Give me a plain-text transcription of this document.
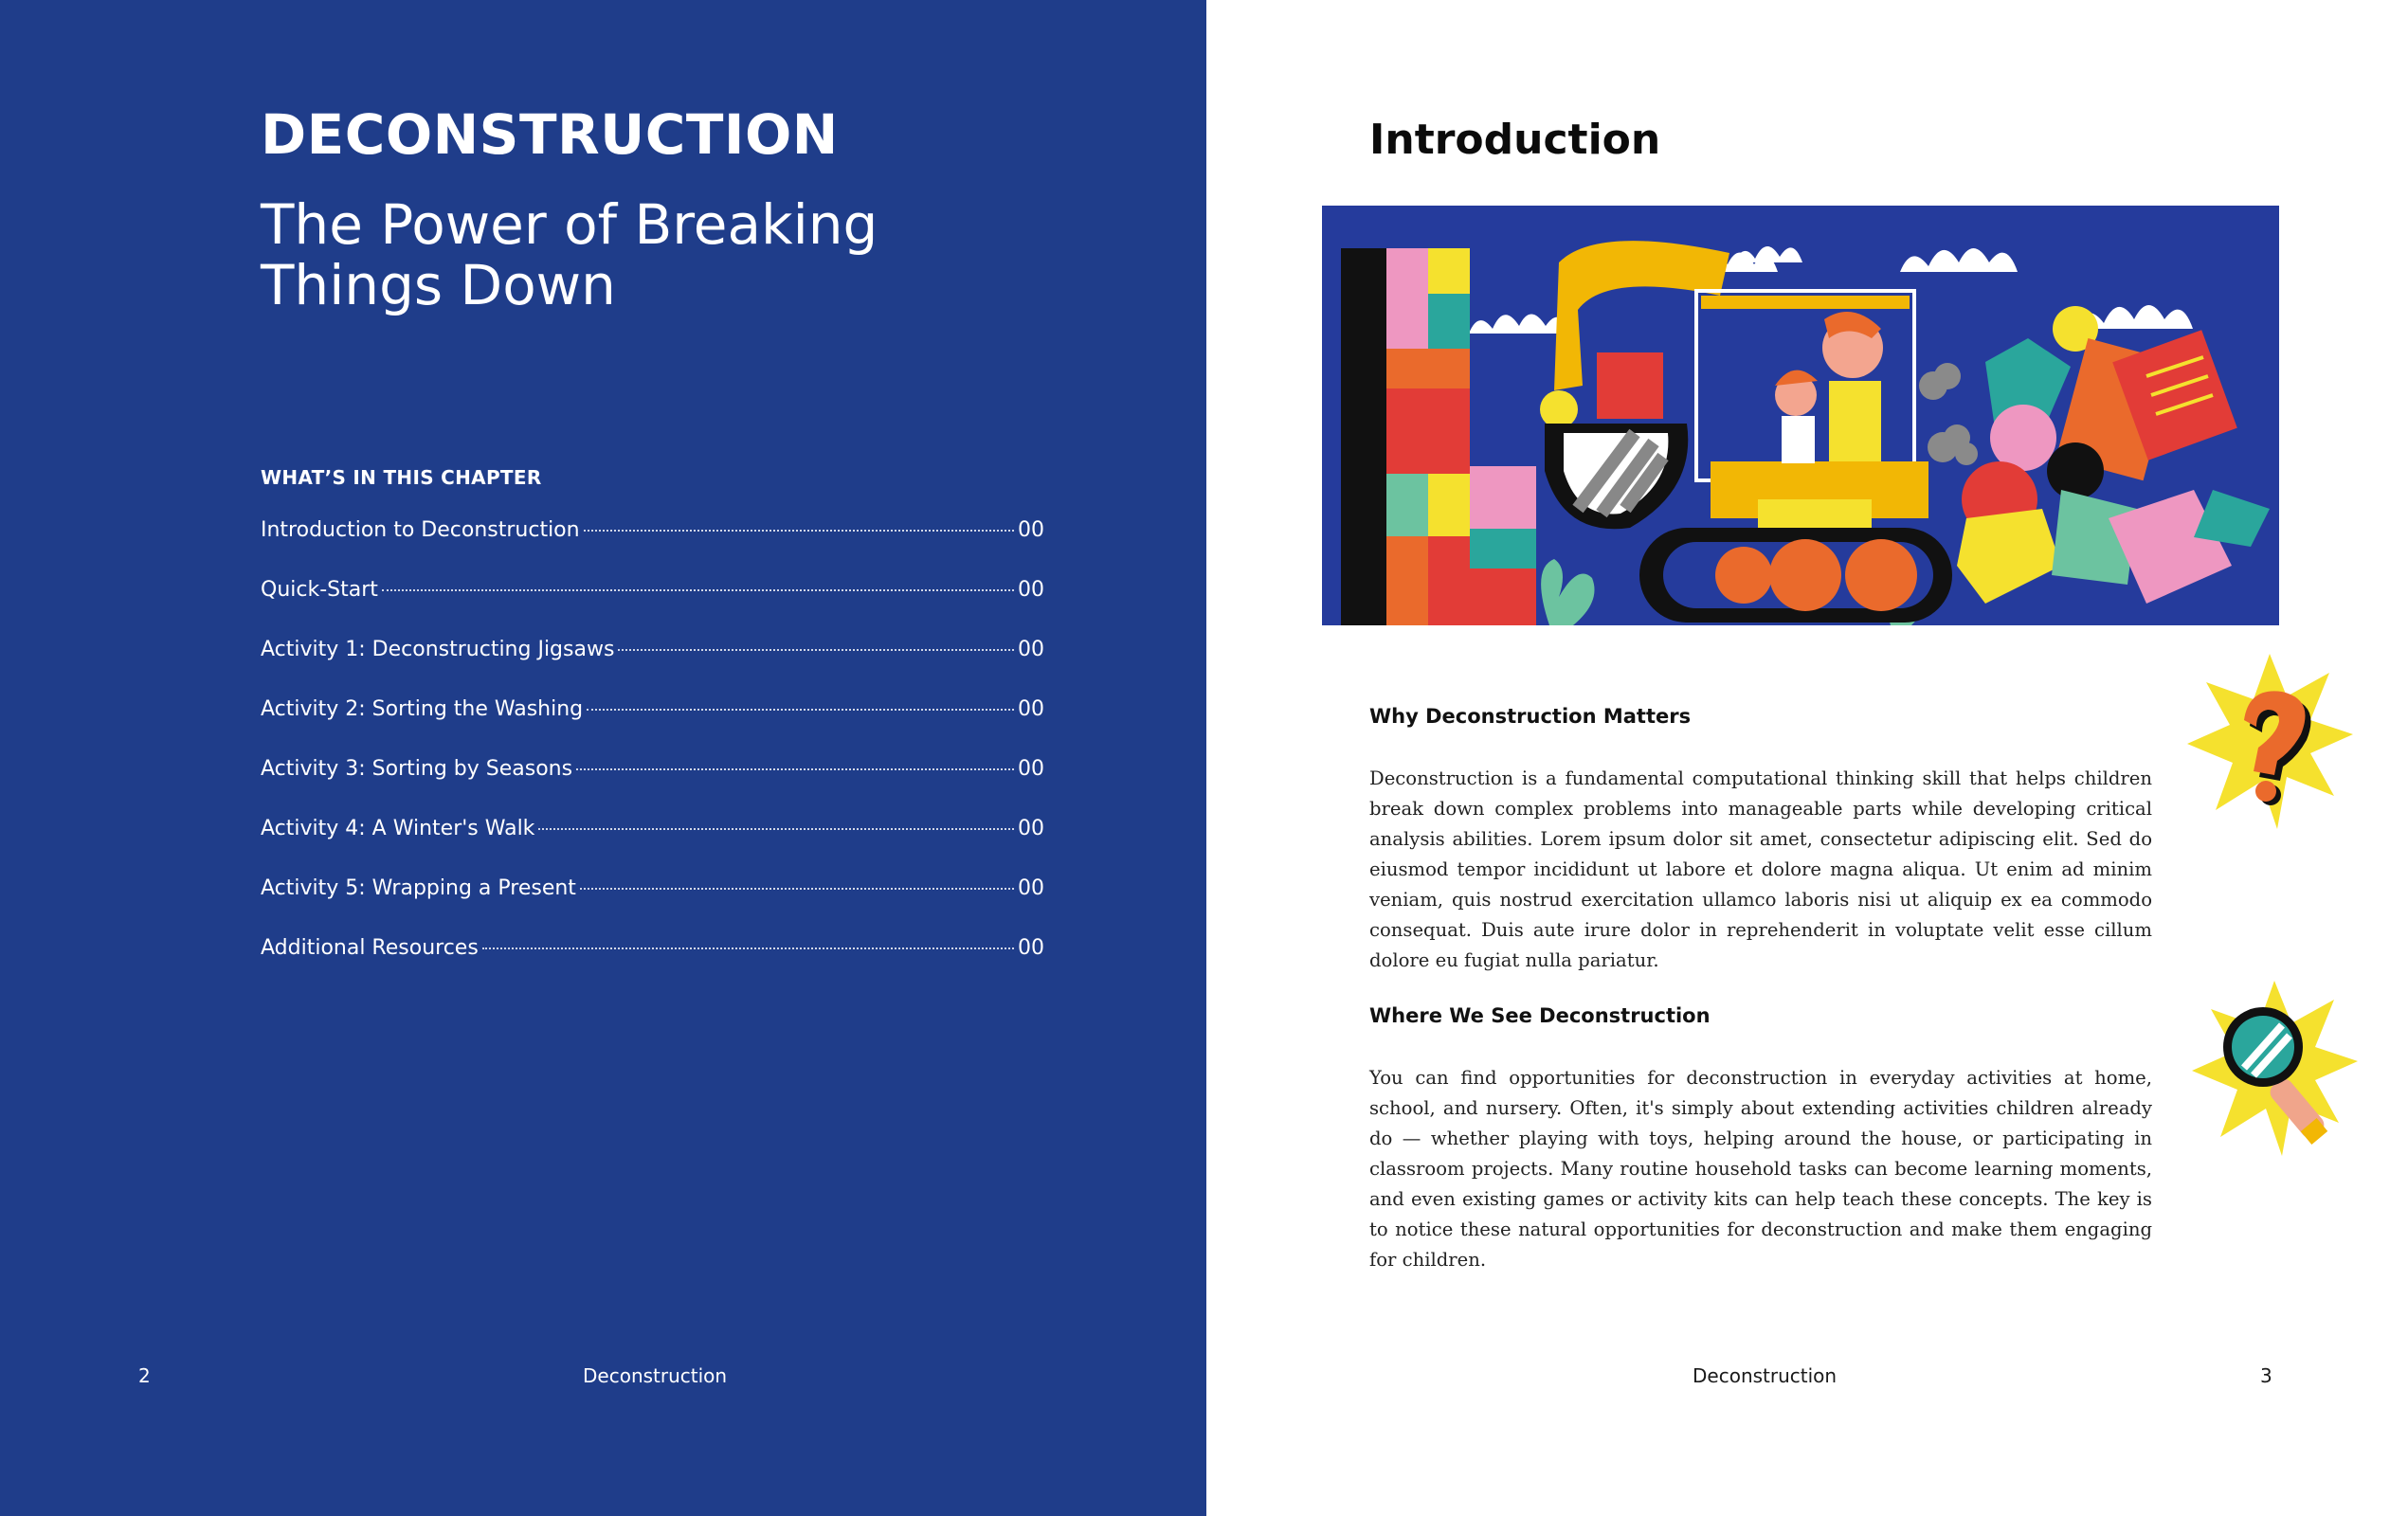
DECONSTRUCTION
The Power of Breaking Things Down
WHAT’S IN THIS CHAPTER
Introduction to Deconstruction	00
Quick-Start	00
Activity 1: Deconstructing Jigsaws	00
Activity 2: Sorting the Washing	00
Activity 3: Sorting by Seasons	00
Activity 4: A Winter's Walk	00
Activity 5: Wrapping a Present	00
Additional Resources	00
2	Deconstruction
Introduction
Why Deconstruction Matters

Deconstruction is a fundamental computational thinking skill that helps children break down complex problems into manageable parts while developing critical analysis abilities. Lorem ipsum dolor sit amet, consectetur adipiscing elit. Sed do eiusmod tempor incididunt ut labore et dolore magna aliqua. Ut enim ad minim veniam, quis nostrud exercitation ullamco laboris nisi ut aliquip ex ea commodo consequat. Duis aute irure dolor in reprehenderit in voluptate velit esse cillum dolore eu fugiat nulla pariatur.

Where We See Deconstruction

You can find opportunities for deconstruction in everyday activities at home, school, and nursery. Often, it's simply about extending activities children already do — whether playing with toys, helping around the house, or participating in classroom projects. Many routine household tasks can become learning moments, and even existing games or activity kits can help teach these concepts. The key is to notice these natural opportunities for deconstruction and make them engaging for children.

Deconstruction	3
